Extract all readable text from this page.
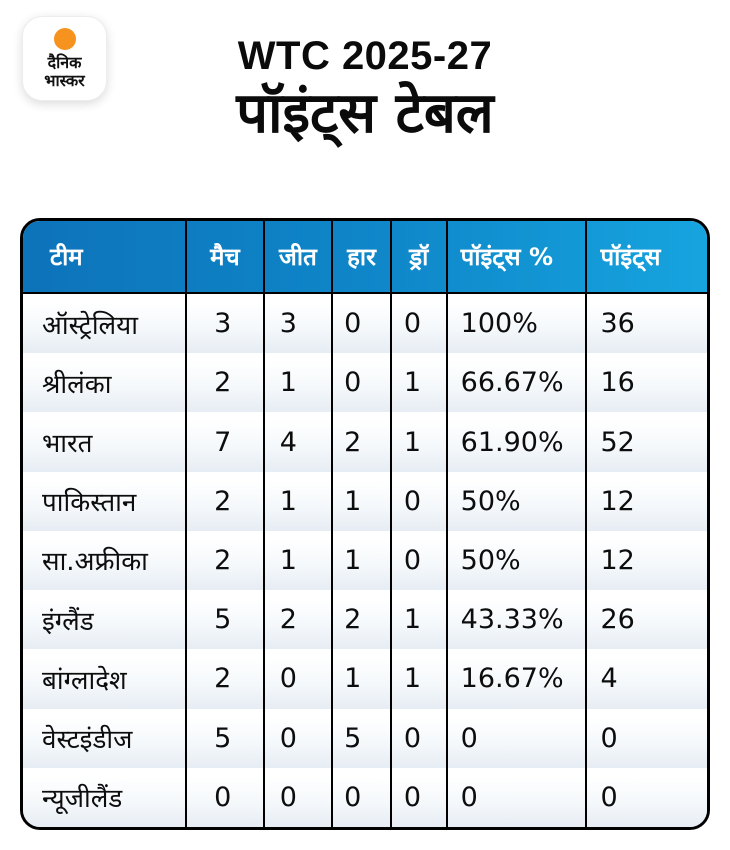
दैनिक
भास्कर
WTC 2025-27
पॉइंट्स टेबल
टीम	मैच	जीत	हार	ड्रॉ	पॉइंट्स %	पॉइंट्स
ऑस्ट्रेलिया	3	3	0	0	100%	36
श्रीलंका	2	1	0	1	66.67%	16
भारत	7	4	2	1	61.90%	52
पाकिस्तान	2	1	1	0	50%	12
सा.अफ्रीका	2	1	1	0	50%	12
इंग्लैंड	5	2	2	1	43.33%	26
बांग्लादेश	2	0	1	1	16.67%	4
वेस्टइंडीज	5	0	5	0	0	0
न्यूजीलैंड	0	0	0	0	0	0
